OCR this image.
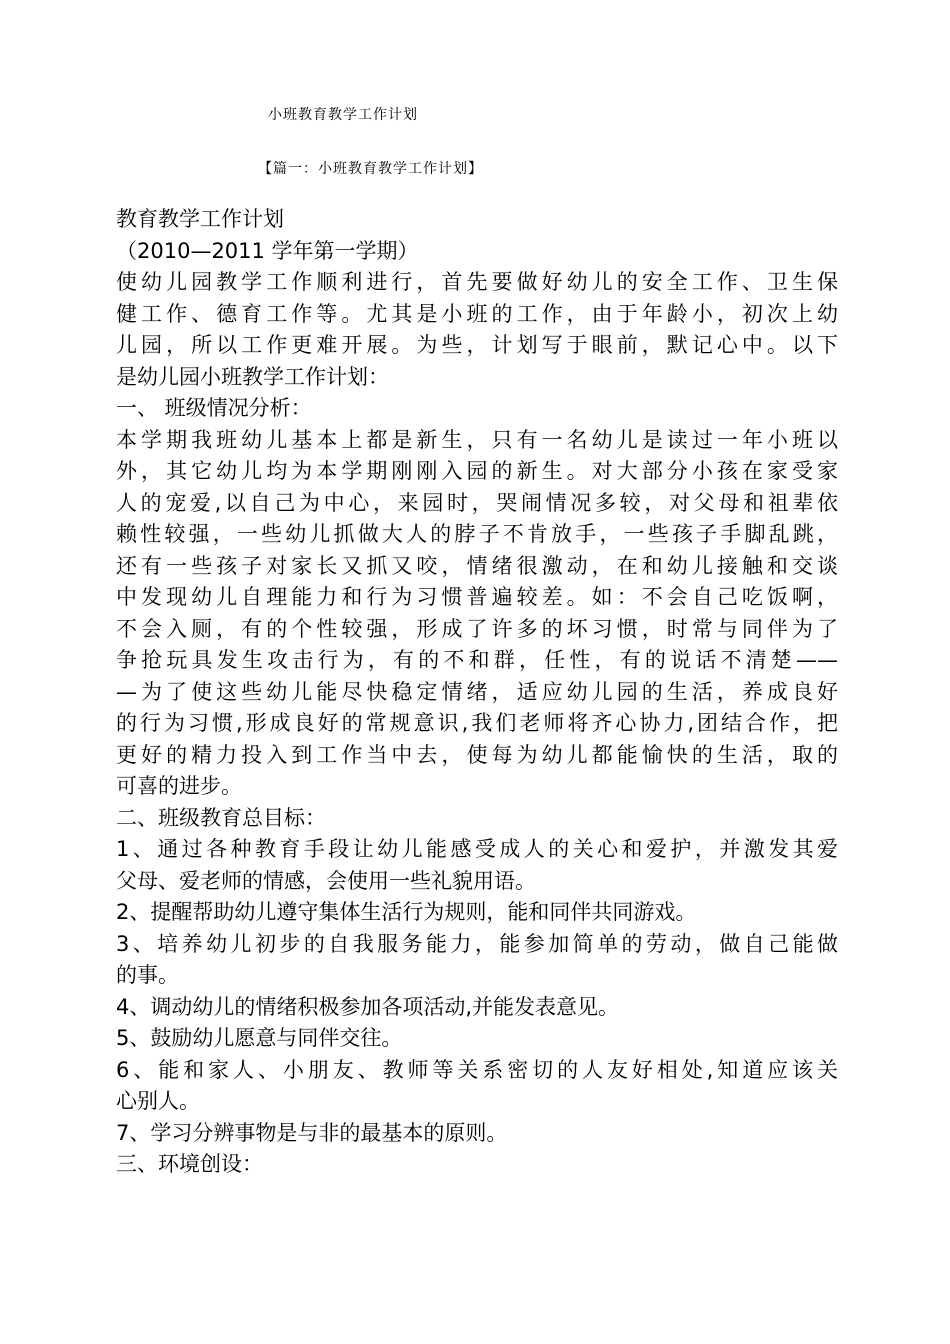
小班教育教学工作计划
【篇一：小班教育教学工作计划】
教育教学工作计划
（2010—2011 学年第一学期）
使幼儿园教学工作顺利进行，首先要做好幼儿的安全工作、卫生保
健工作、德育工作等。尤其是小班的工作，由于年龄小，初次上幼
儿园，所以工作更难开展。为些，计划写于眼前，默记心中。以下
是幼儿园小班教学工作计划：
一、 班级情况分析：
本学期我班幼儿基本上都是新生，只有一名幼儿是读过一年小班以
外，其它幼儿均为本学期刚刚入园的新生。对大部分小孩在家受家
人的宠爱,以自己为中心，来园时，哭闹情况多较，对父母和祖辈依
赖性较强，一些幼儿抓做大人的脖子不肯放手，一些孩子手脚乱跳，
还有一些孩子对家长又抓又咬，情绪很激动，在和幼儿接触和交谈
中发现幼儿自理能力和行为习惯普遍较差。如：不会自己吃饭啊，
不会入厕，有的个性较强，形成了许多的坏习惯，时常与同伴为了
争抢玩具发生攻击行为，有的不和群，任性，有的说话不清楚——
—为了使这些幼儿能尽快稳定情绪，适应幼儿园的生活，养成良好
的行为习惯,形成良好的常规意识,我们老师将齐心协力,团结合作，把
更好的精力投入到工作当中去，使每为幼儿都能愉快的生活，取的
可喜的进步。
二、班级教育总目标：
1、通过各种教育手段让幼儿能感受成人的关心和爱护，并激发其爱
父母、爱老师的情感，会使用一些礼貌用语。
2、提醒帮助幼儿遵守集体生活行为规则，能和同伴共同游戏。
3、培养幼儿初步的自我服务能力，能参加简单的劳动，做自己能做
的事。
4、调动幼儿的情绪积极参加各项活动,并能发表意见。
5、鼓励幼儿愿意与同伴交往。
6、能和家人、小朋友、教师等关系密切的人友好相处,知道应该关
心别人。
7、学习分辨事物是与非的最基本的原则。
三、环境创设：
